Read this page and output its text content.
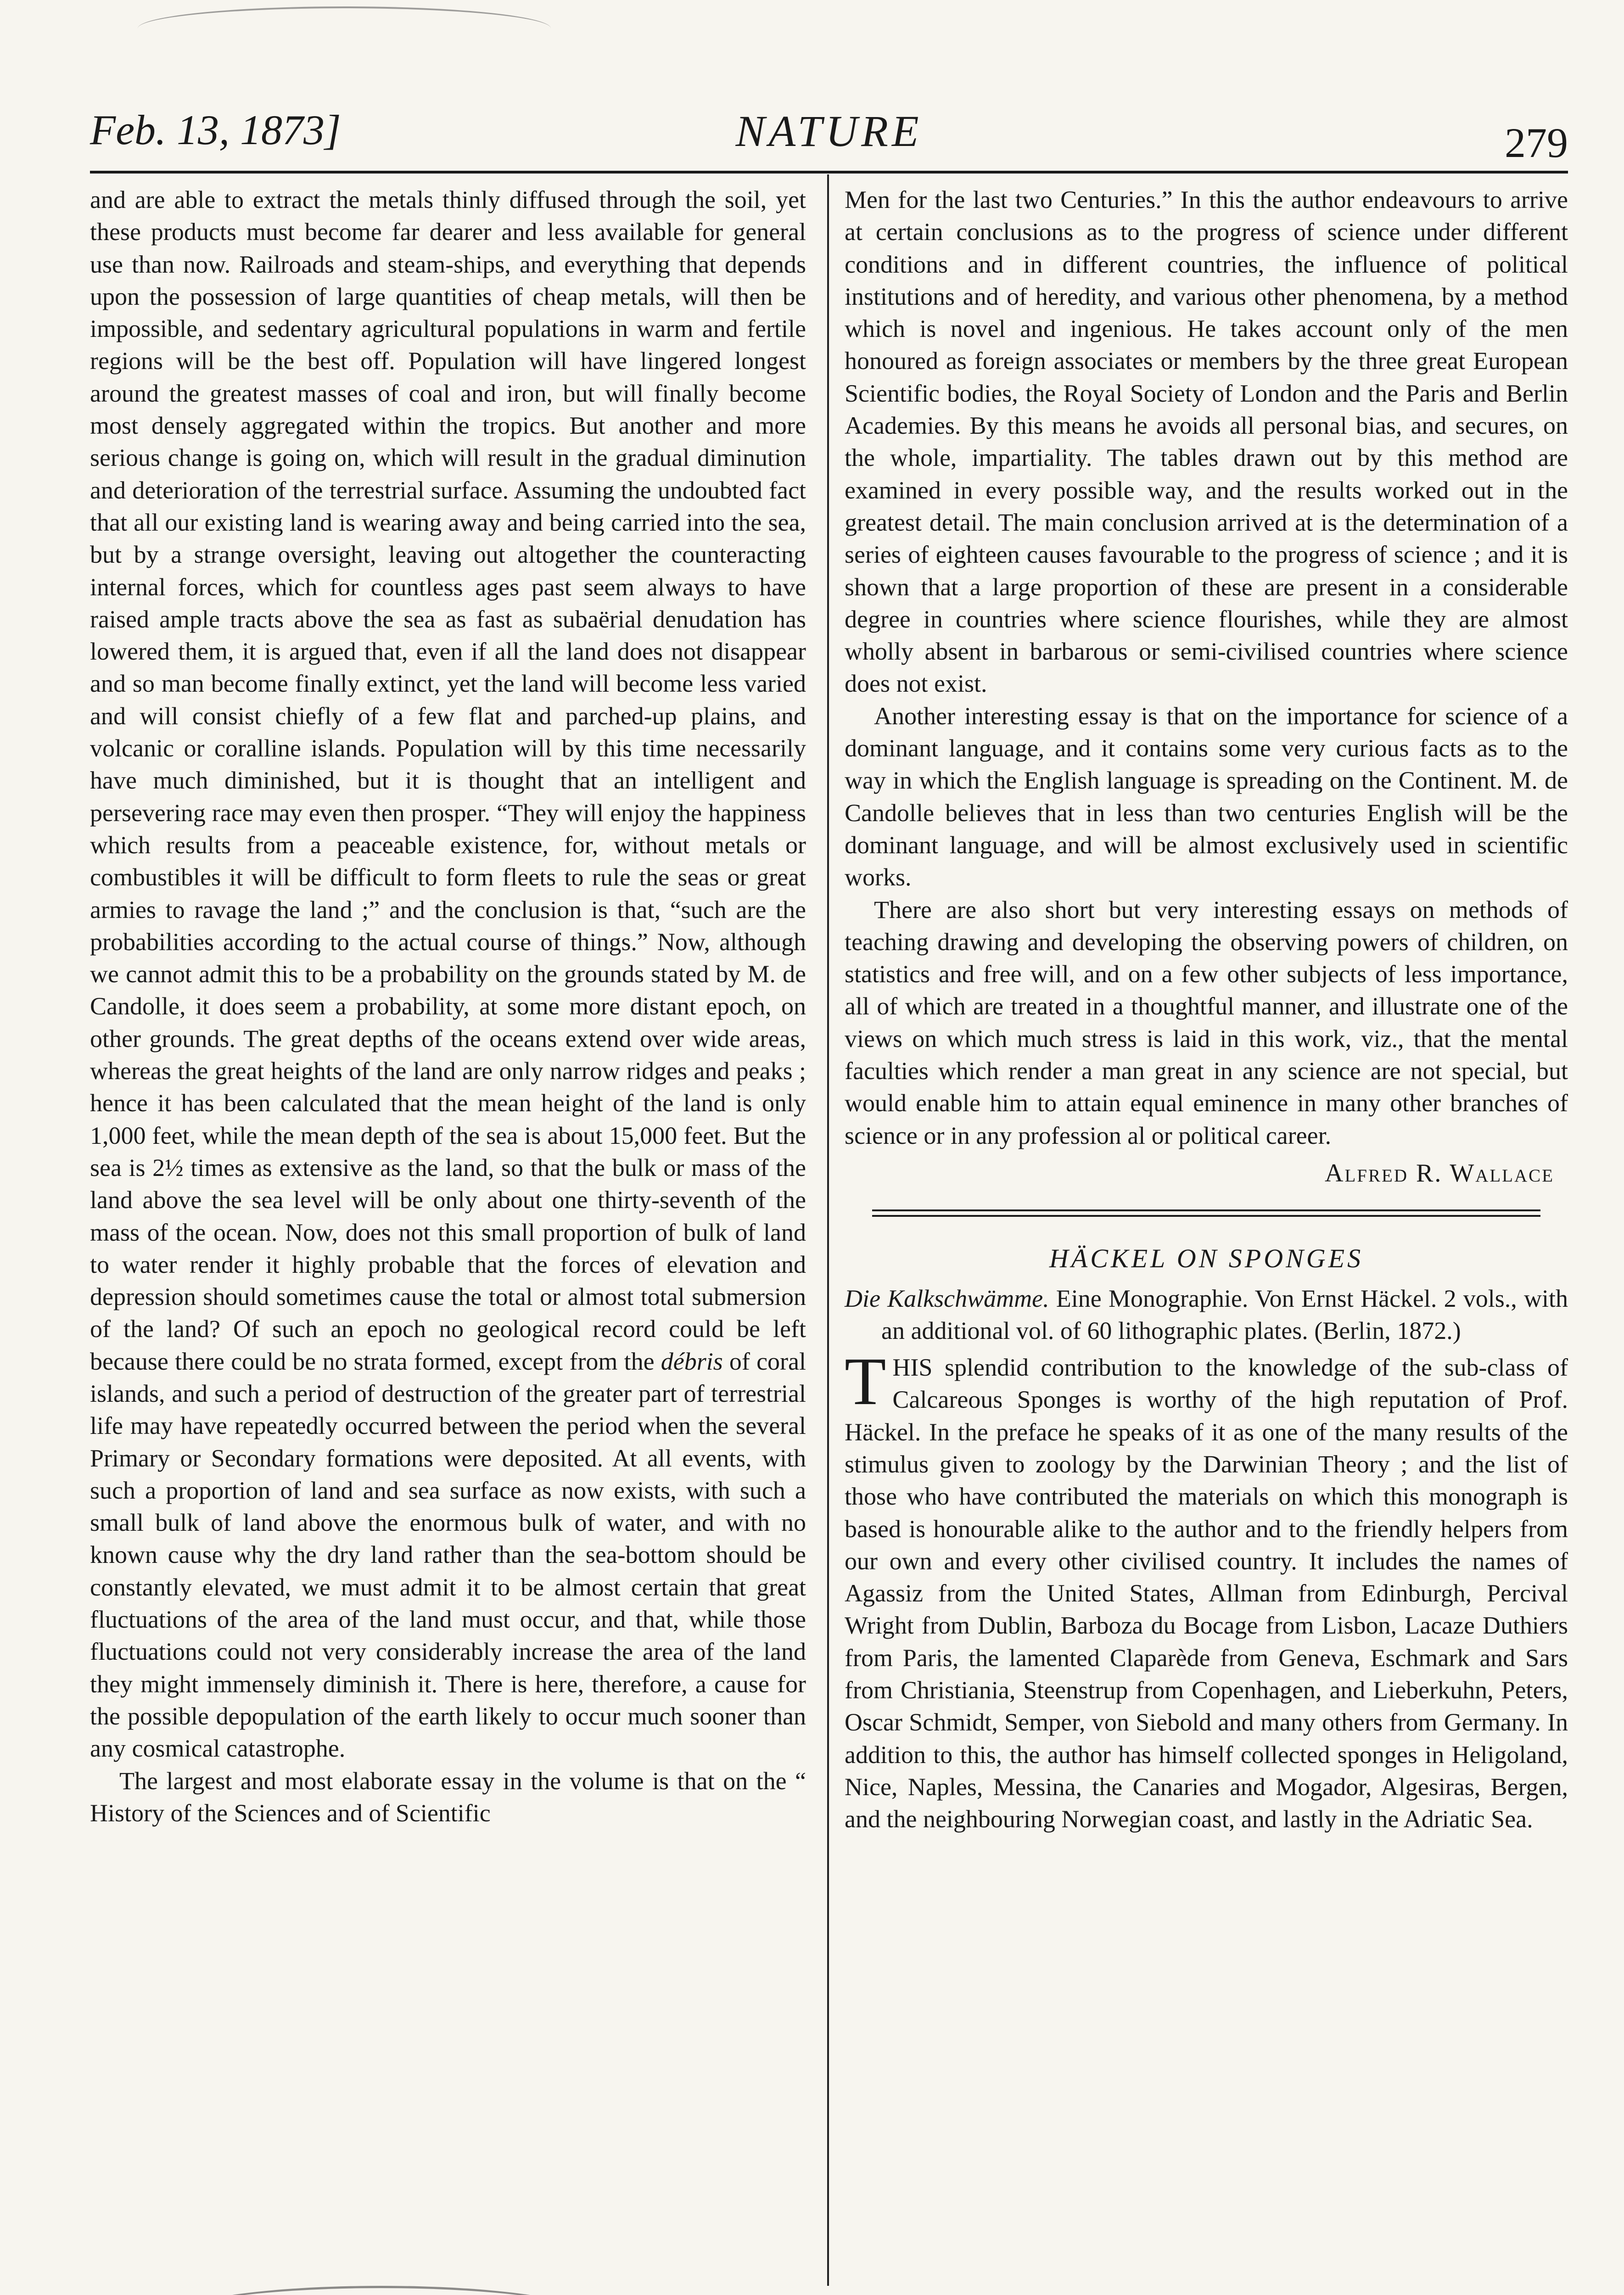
Feb. 13, 1873]	NATURE	279

and are able to extract the metals thinly diffused through the soil, yet these products must become far dearer and less available for general use than now. Railroads and steam-ships, and everything that depends upon the possession of large quantities of cheap metals, will then be impossible, and sedentary agricultural populations in warm and fertile regions will be the best off. Population will have lingered longest around the greatest masses of coal and iron, but will finally become most densely aggregated within the tropics. But another and more serious change is going on, which will result in the gradual diminution and deterioration of the terrestrial surface. Assuming the undoubted fact that all our existing land is wearing away and being carried into the sea, but by a strange oversight, leaving out altogether the counteracting internal forces, which for countless ages past seem always to have raised ample tracts above the sea as fast as subaërial denudation has lowered them, it is argued that, even if all the land does not disappear and so man become finally extinct, yet the land will become less varied and will consist chiefly of a few flat and parched-up plains, and volcanic or coralline islands. Population will by this time necessarily have much diminished, but it is thought that an intelligent and persevering race may even then prosper. “They will enjoy the happiness which results from a peaceable existence, for, without metals or combustibles it will be difficult to form fleets to rule the seas or great armies to ravage the land ;” and the conclusion is that, “such are the probabilities according to the actual course of things.” Now, although we cannot admit this to be a probability on the grounds stated by M. de Candolle, it does seem a probability, at some more distant epoch, on other grounds. The great depths of the oceans extend over wide areas, whereas the great heights of the land are only narrow ridges and peaks ; hence it has been calculated that the mean height of the land is only 1,000 feet, while the mean depth of the sea is about 15,000 feet. But the sea is 2½ times as extensive as the land, so that the bulk or mass of the land above the sea level will be only about one thirty-seventh of the mass of the ocean. Now, does not this small proportion of bulk of land to water render it highly probable that the forces of elevation and depression should sometimes cause the total or almost total submersion of the land? Of such an epoch no geological record could be left because there could be no strata formed, except from the débris of coral islands, and such a period of destruction of the greater part of terrestrial life may have repeatedly occurred between the period when the several Primary or Secondary formations were deposited. At all events, with such a proportion of land and sea surface as now exists, with such a small bulk of land above the enormous bulk of water, and with no known cause why the dry land rather than the sea-bottom should be constantly elevated, we must admit it to be almost certain that great fluctuations of the area of the land must occur, and that, while those fluctuations could not very considerably increase the area of the land they might immensely diminish it. There is here, therefore, a cause for the possible depopulation of the earth likely to occur much sooner than any cosmical catastrophe.

The largest and most elaborate essay in the volume is that on the “ History of the Sciences and of Scientific

Men for the last two Centuries.” In this the author endeavours to arrive at certain conclusions as to the progress of science under different conditions and in different countries, the influence of political institutions and of heredity, and various other phenomena, by a method which is novel and ingenious. He takes account only of the men honoured as foreign associates or members by the three great European Scientific bodies, the Royal Society of London and the Paris and Berlin Academies. By this means he avoids all personal bias, and secures, on the whole, impartiality. The tables drawn out by this method are examined in every possible way, and the results worked out in the greatest detail. The main conclusion arrived at is the determination of a series of eighteen causes favourable to the progress of science ; and it is shown that a large proportion of these are present in a considerable degree in countries where science flourishes, while they are almost wholly absent in barbarous or semi-civilised countries where science does not exist.

Another interesting essay is that on the importance for science of a dominant language, and it contains some very curious facts as to the way in which the English language is spreading on the Continent. M. de Candolle believes that in less than two centuries English will be the dominant language, and will be almost exclusively used in scientific works.

There are also short but very interesting essays on methods of teaching drawing and developing the observing powers of children, on statistics and free will, and on a few other subjects of less importance, all of which are treated in a thoughtful manner, and illustrate one of the views on which much stress is laid in this work, viz., that the mental faculties which render a man great in any science are not special, but would enable him to attain equal eminence in many other branches of science or in any profession al or political career.

Alfred R. Wallace

HÄCKEL ON SPONGES

Die Kalkschwämme. Eine Monographie. Von Ernst Häckel. 2 vols., with an additional vol. of 60 lithographic plates. (Berlin, 1872.)

THIS splendid contribution to the knowledge of the sub-class of Calcareous Sponges is worthy of the high reputation of Prof. Häckel. In the preface he speaks of it as one of the many results of the stimulus given to zoology by the Darwinian Theory ; and the list of those who have contributed the materials on which this monograph is based is honourable alike to the author and to the friendly helpers from our own and every other civilised country. It includes the names of Agassiz from the United States, Allman from Edinburgh, Percival Wright from Dublin, Barboza du Bocage from Lisbon, Lacaze Duthiers from Paris, the lamented Claparède from Geneva, Eschmark and Sars from Christiania, Steenstrup from Copenhagen, and Lieberkuhn, Peters, Oscar Schmidt, Semper, von Siebold and many others from Germany. In addition to this, the author has himself collected sponges in Heligoland, Nice, Naples, Messina, the Canaries and Mogador, Algesiras, Bergen, and the neighbouring Norwegian coast, and lastly in the Adriatic Sea.
